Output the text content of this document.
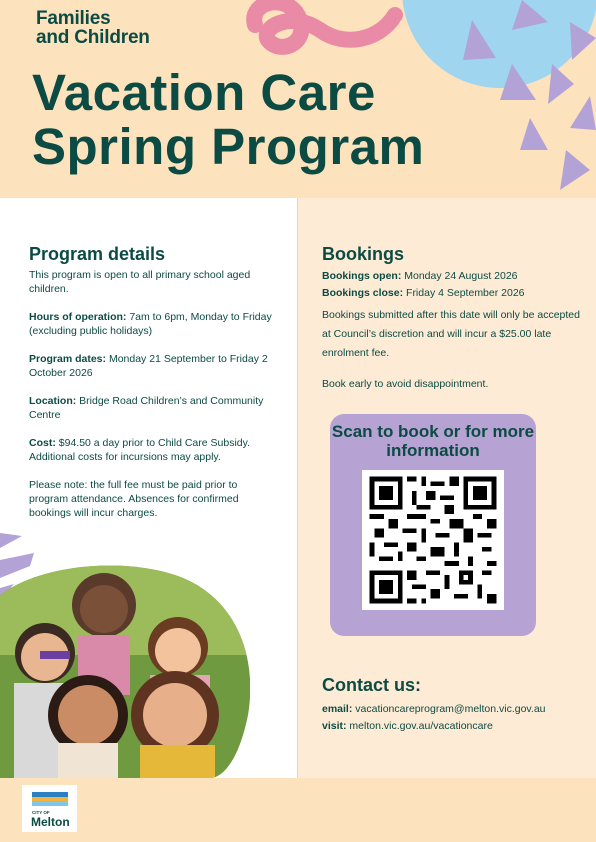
Families
and Children
Vacation Care
Spring Program
Program details

This program is open to all primary school aged children.

Hours of operation: 7am to 6pm, Monday to Friday (excluding public holidays)

Program dates: Monday 21 September to Friday 2 October 2026

Location: Bridge Road Children’s and Community Centre

Cost: $94.50 a day prior to Child Care Subsidy. Additional costs for incursions may apply.

Please note: the full fee must be paid prior to program attendance. Absences for confirmed bookings will incur charges.

Bookings
Bookings open: Monday 24 August 2026
Bookings close: Friday 4 September 2026

Bookings submitted after this date will only be accepted at Council’s discretion and will incur a $25.00 late enrolment fee.

Book early to avoid disappointment.

Scan to book or for more information
Contact us:
email: vacationcareprogram@melton.vic.gov.au
visit: melton.vic.gov.au/vacationcare
CITY OF
Melton
